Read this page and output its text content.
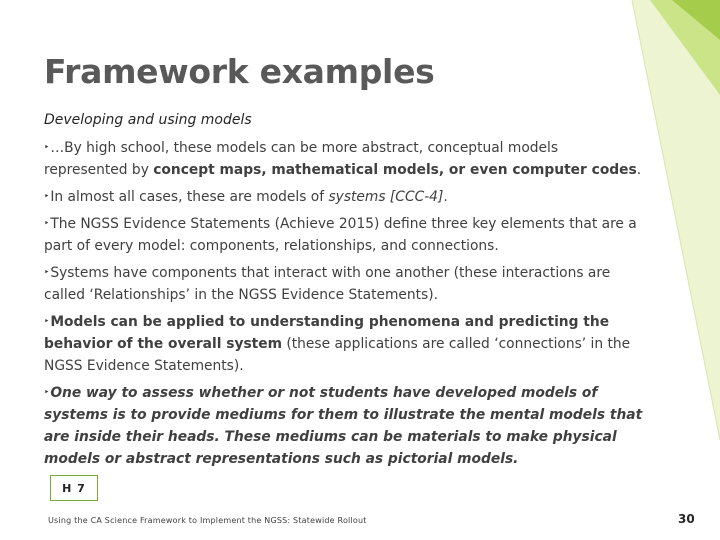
Framework examples
Developing and using models

‣…By high school, these models can be more abstract, conceptual models represented by concept maps, mathematical models, or even computer codes.

‣In almost all cases, these are models of systems [CCC-4].

‣The NGSS Evidence Statements (Achieve 2015) define three key elements that are a part of every model: components, relationships, and connections.

‣Systems have components that interact with one another (these interactions are called ‘Relationships’ in the NGSS Evidence Statements).

‣Models can be applied to understanding phenomena and predicting the behavior of the overall system (these applications are called ‘connections’ in the NGSS Evidence Statements).

‣One way to assess whether or not students have developed models of systems is to provide mediums for them to illustrate the mental models that are inside their heads. These mediums can be materials to make physical models or abstract representations such as pictorial models.

H 7
Using the CA Science Framework to Implement the NGSS: Statewide Rollout	30
